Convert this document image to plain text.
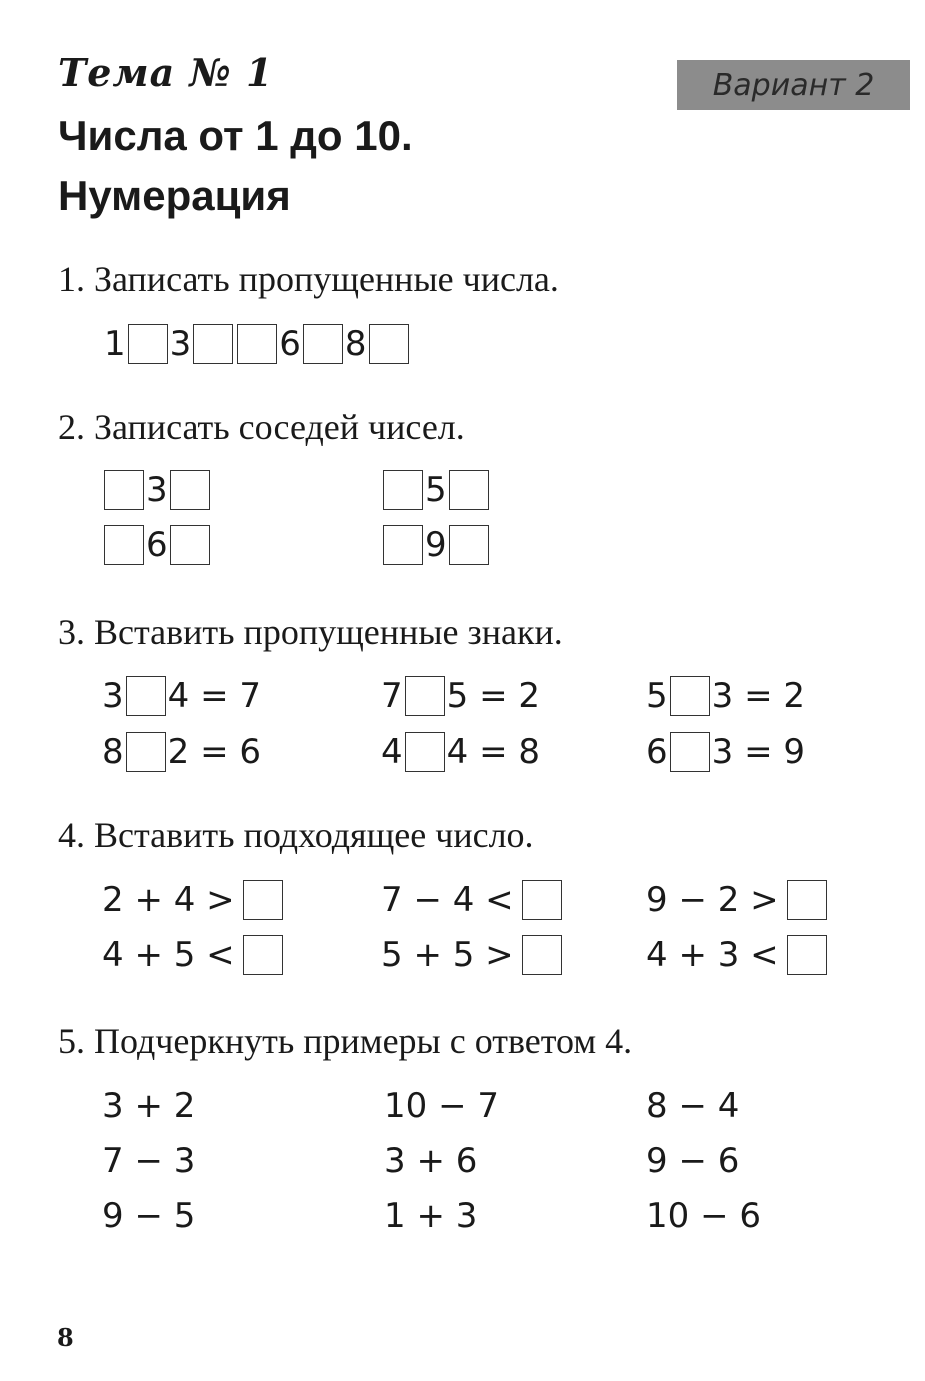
Тема № 1	Вариант 2
Числа от 1 до 10.
Нумерация
1. Записать пропущенные числа.
1 3	6 8
2. Записать соседей чисел.
3	5
6	9
3. Вставить пропущенные знаки.
3 4 = 7	7 5 = 2	5 3 = 2
8 2 = 6	4 4 = 8	6 3 = 9
4. Вставить подходящее число.
2 + 4 >	7 − 4 <	9 − 2 >
4 + 5 <	5 + 5 >	4 + 3 <
5. Подчеркнуть примеры с ответом 4.
3 + 2	10 − 7	8 − 4
7 − 3	3 + 6	9 − 6
9 − 5	1 + 3	10 − 6
8
